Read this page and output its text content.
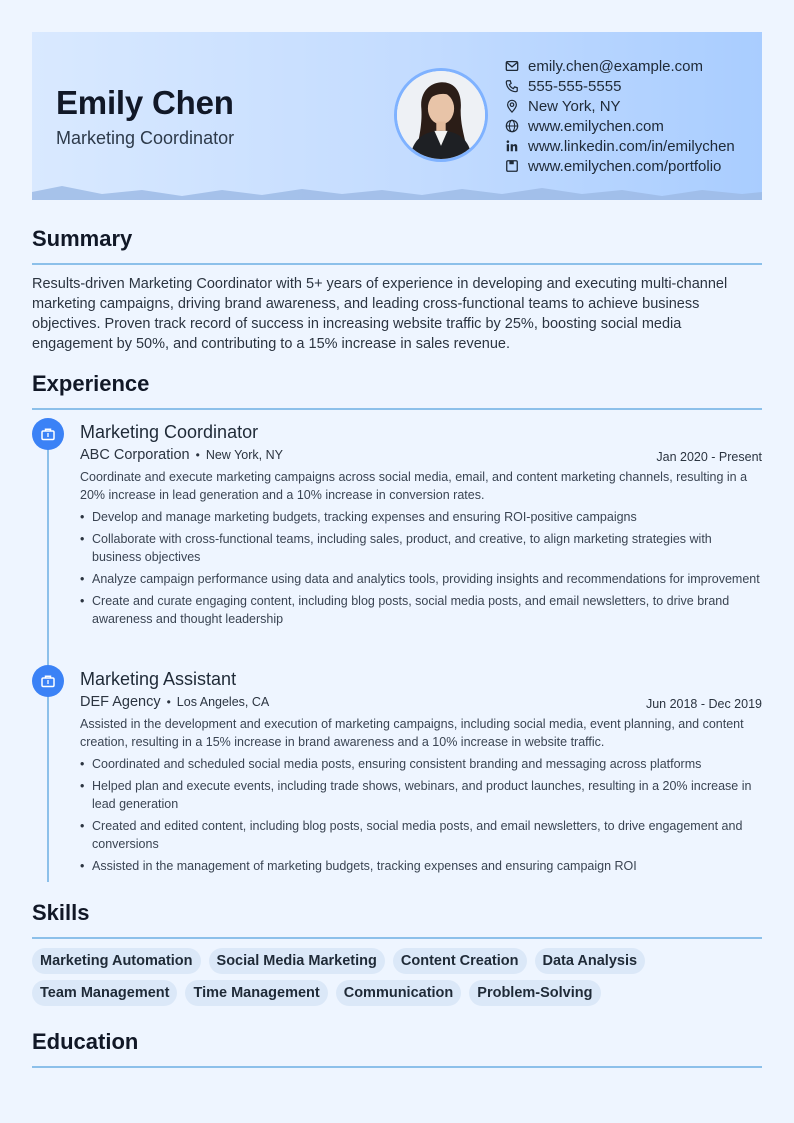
Emily Chen
Marketing Coordinator
emily.chen@example.com
555-555-5555
New York, NY
www.emilychen.com
www.linkedin.com/in/emilychen
www.emilychen.com/portfolio
Summary
Results-driven Marketing Coordinator with 5+ years of experience in developing and executing multi-channel marketing campaigns, driving brand awareness, and leading cross-functional teams to achieve business objectives. Proven track record of success in increasing website traffic by 25%, boosting social media engagement by 50%, and contributing to a 15% increase in sales revenue.
Experience
Marketing Coordinator
ABC Corporation • New York, NY	Jan 2020 - Present
Coordinate and execute marketing campaigns across social media, email, and content marketing channels, resulting in a 20% increase in lead generation and a 10% increase in conversion rates.
• Develop and manage marketing budgets, tracking expenses and ensuring ROI-positive campaigns
• Collaborate with cross-functional teams, including sales, product, and creative, to align marketing strategies with business objectives
• Analyze campaign performance using data and analytics tools, providing insights and recommendations for improvement
• Create and curate engaging content, including blog posts, social media posts, and email newsletters, to drive brand awareness and thought leadership
Marketing Assistant
DEF Agency • Los Angeles, CA	Jun 2018 - Dec 2019
Assisted in the development and execution of marketing campaigns, including social media, event planning, and content creation, resulting in a 15% increase in brand awareness and a 10% increase in website traffic.
• Coordinated and scheduled social media posts, ensuring consistent branding and messaging across platforms
• Helped plan and execute events, including trade shows, webinars, and product launches, resulting in a 20% increase in lead generation
• Created and edited content, including blog posts, social media posts, and email newsletters, to drive engagement and conversions
• Assisted in the management of marketing budgets, tracking expenses and ensuring campaign ROI
Skills
Marketing Automation	Social Media Marketing	Content Creation	Data Analysis
Team Management	Time Management	Communication	Problem-Solving
Education
